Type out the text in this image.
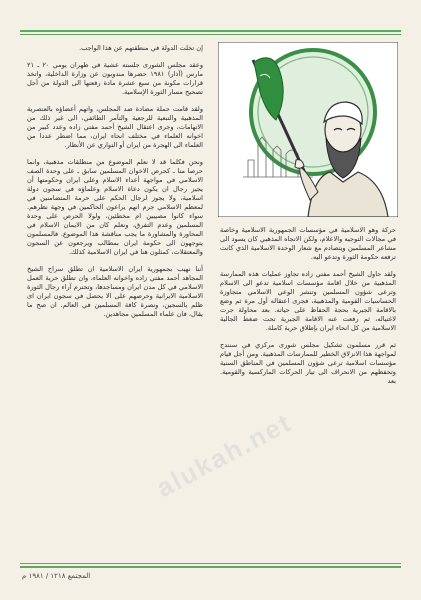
إن تخلت الدولة في منطقتهم عن هذا الواجب.

وعقد مجلس الشورى جلسته عشية في طهران يومي ٢٠ ـ ٢١ مارس (آذار) ١٩٨١ حضرها مندوبون عن وزارة الداخلية، واتخذ قرارات مكونة من سبع عشرة مادة رفعتها الى الدولة من أجل تصحيح مسار الثورة الإسلامية.

ولقد قامت حملة مضادة ضد المجلس، واتهم أعضاؤه بالعنصرية المذهبية والتبعية للرجعية والتآمر الطائفي، الى غير ذلك من الاتهامات، وجرى اعتقال الشيخ أحمد مفتي زاده وعدد كبير من اخوانه العلماء في مختلف انحاء ايران، مما اضطر عددا من العلماء الى الهجرة من ايران أو التواري عن الأنظار.

ونحن فكلما قد لا نعلم الموضوع من منطلقات مذهبية، وانما حرصا منا ـ كحرص الاخوان المسلمين سابق ـ على وحدة الصف الاسلامي في مواجهة أعداء الاسلام وعلى ايران وحكومتها أن يجيز رجال ان يكون دعاة الاسلام وعلماؤه في سجون دولة اسلامية، ولا يجوز لرجال الحكم على حرمة المتضامنين في لمعظم الاسلامي جرم انهم يراعون الحاكمين في وجهة نظرهم. سواء كانوا مصيبين ام مخطئين، ولولا الحرص على وحدة المسلمين وعدم التفرق، ونعلم كان من الايمان الاسلام في المحاورة والمشاورة ما يجب مناقشة هذا الموضوع. فالمسلمون يتوجهون الى حكومة ايران بمطالب وبرجعون عن السجون والمعتقلات، كمثلون هنا في ايران الاسلامية كذلك.

أننا نهيب بجمهورية ايران الاسلامية ان تطلق سراح الشيخ المجاهد أحمد مفتي زاده واخوانه العلماء، وان تطلق حرية العمل الاسلامي في كل مدن ايران ومساجدها، وتحترم آراء رجال الثورة الاسلامية الايرانية وحرصهم على الا يحصل في سجون ايران اى ظلم بالسجين، ونصرة كافة المسلمين في العالم. ان صح ما يقال، فان علماء المسلمين مجاهدين.

حركة وهو الاسلامية في مؤسسات الجمهورية الاسلامية وخاصة في مجالات التوجيه والاعلام، ولكن الاتجاه المذهبي كان يسود الى مشاعر المسلمين ويتصادم مع شعار الوحدة الاسلامية الذي كانت ترفعه حكومة الثورة وتدعو اليه.

ولقد حاول الشيخ أحمد مفتي زاده تجاوز عمليات هذه الممارسة المذهبية من خلال اقامة مؤسسات اسلامية تدعو الى الاسلام وترعى شؤون المسلمين وتنشر الوعي الاسلامي متجاوزة الحساسيات القومية والمذهبية، فجرى اعتقاله أول مرة ثم وضع بالاقامة الجبرية بحجة الحفاظ على حياته. بعد محاولة جرت لاغتياله، ثم رفعت عنه الاقامة الجبرية تحت ضغط الجالية الاسلامية من كل انحاء ايران بإطلاق حرية كاملة.

ثم قرر مسلمون تشكيل مجلس شورى مركزي في سنندج لمواجهة هذا الانزلاق الخطير للممارسات المذهبية. ومن أجل قيام مؤسسات اسلامية ترعى شؤون المسلمين في المناطق السنية وتحفظهم من الانحراف الى تيار الحركات الماركسية والقومية. بعد

alukah.net
المجتمع ١٢١٨ / ١٩٨١ م
